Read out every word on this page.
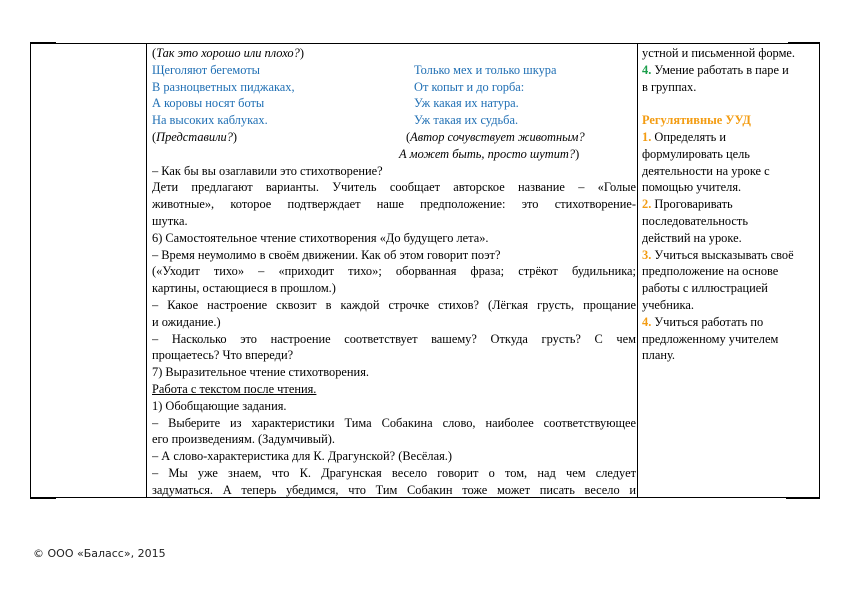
(Так это хорошо или плохо?)
Щеголяют бегемоты	Только мех и только шкура
В разноцветных пиджаках,	От копыт и до горба:
А коровы носят боты	Уж какая их натура.
На высоких каблуках.	Уж такая их судьба.
(Представили?)	(Автор сочувствует животным?
А может быть, просто шутит?)
– Как бы вы озаглавили это стихотворение?
Дети предлагают варианты. Учитель сообщает авторское название – «Голые
животные», которое подтверждает наше предположение: это стихотворение-
шутка.
6) Самостоятельное чтение стихотворения «До будущего лета».
– Время неумолимо в своём движении. Как об этом говорит поэт?
(«Уходит тихо» – «приходит тихо»; оборванная фраза; стрёкот будильника;
картины, остающиеся в прошлом.)
– Какое настроение сквозит в каждой строчке стихов? (Лёгкая грусть, прощание
и ожидание.)
– Насколько это настроение соответствует вашему? Откуда грусть? С чем
прощаетесь? Что впереди?
7) Выразительное чтение стихотворения.
Работа с текстом после чтения.
1) Обобщающие задания.
– Выберите из характеристики Тима Собакина слово, наиболее соответствующее
его произведениям. (Задумчивый).
– А слово-характеристика для К. Драгунской? (Весёлая.)
– Мы уже знаем, что К. Драгунская весело говорит о том, над чем следует
задуматься. А теперь убедимся, что Тим Собакин тоже может писать весело и
устной и письменной форме.
4. Умение работать в паре и
в группах.

Регулятивные УУД
1. Определять и
формулировать цель
деятельности на уроке с
помощью учителя.
2. Проговаривать
последовательность
действий на уроке.
3. Учиться высказывать своё
предположение на основе
работы с иллюстрацией
учебника.
4. Учиться работать по
предложенному учителем
плану.
© ООО «Баласс», 2015
